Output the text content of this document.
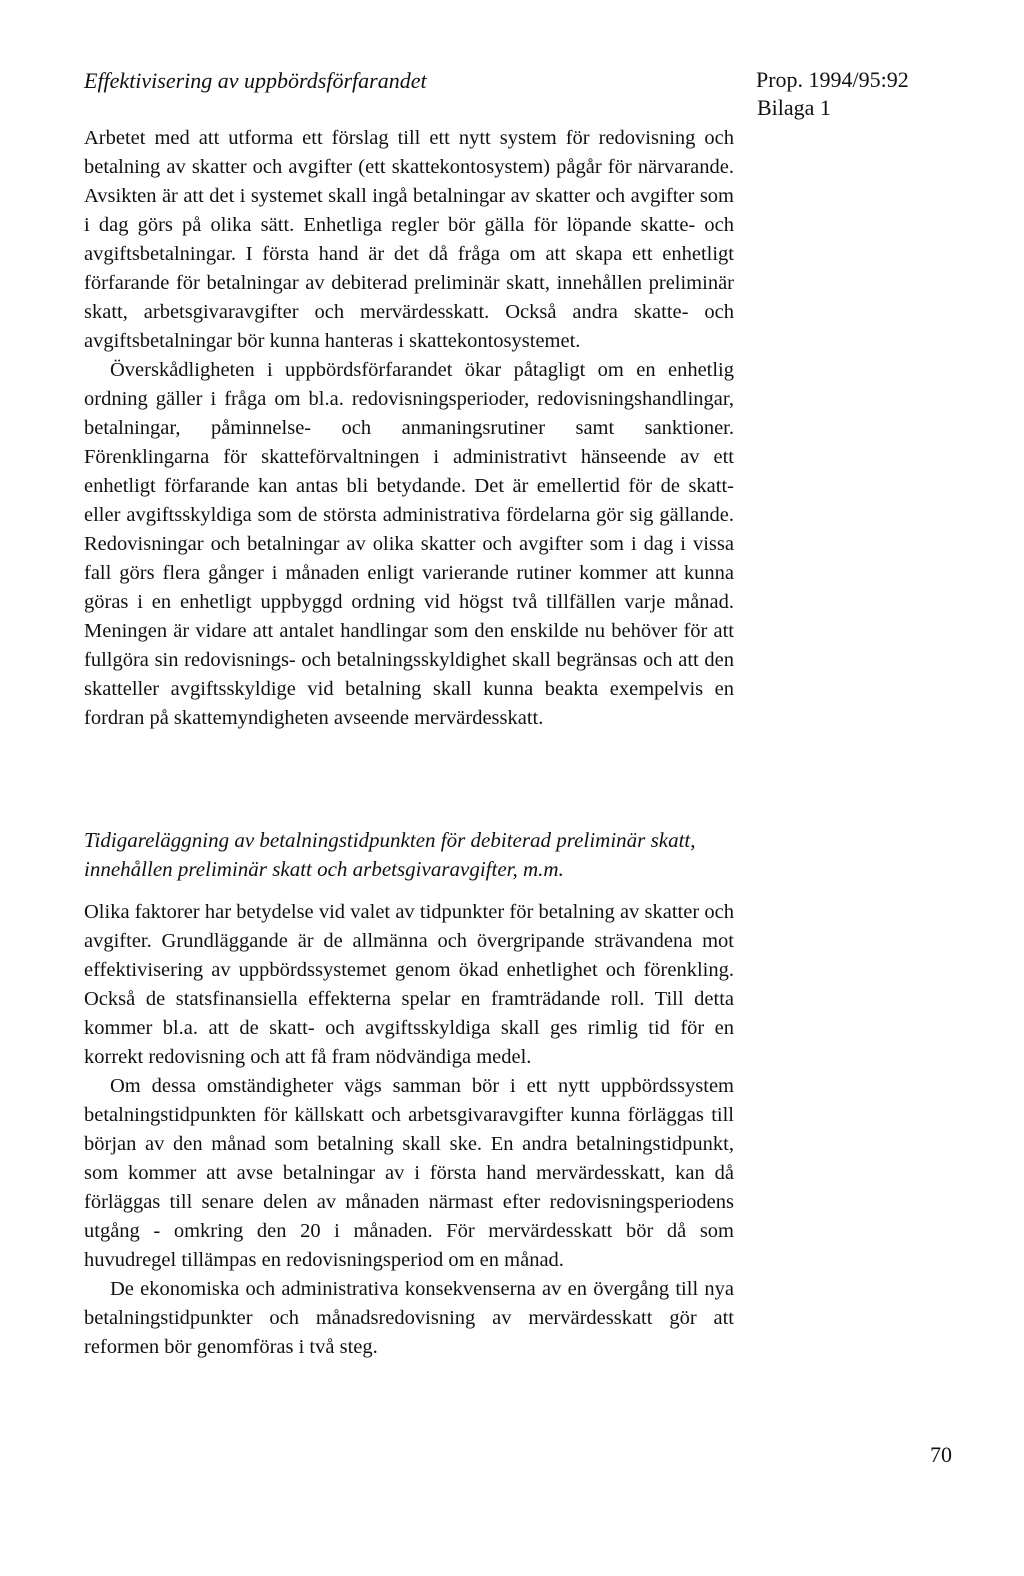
Effektivisering av uppbördsförfarandet	Prop. 1994/95:92
Bilaga 1

Arbetet med att utforma ett förslag till ett nytt system för redovisning och betalning av skatter och avgifter (ett skattekontosystem) pågår för närvarande. Avsikten är att det i systemet skall ingå betalningar av skatter och avgifter som i dag görs på olika sätt. Enhetliga regler bör gälla för löpande skatte- och avgiftsbetalningar. I första hand är det då fråga om att skapa ett enhetligt förfarande för betalningar av debiterad preliminär skatt, innehållen preliminär skatt, arbetsgivaravgifter och mervärdesskatt. Också andra skatte- och avgiftsbetalningar bör kunna hanteras i skattekontosystemet.

Överskådligheten i uppbördsförfarandet ökar påtagligt om en enhetlig ordning gäller i fråga om bl.a. redovisningsperioder, redovisningshandlingar, betalningar, påminnelse- och anmaningsrutiner samt sanktioner. Förenklingarna för skatteförvaltningen i administrativt hänseende av ett enhetligt förfarande kan antas bli betydande. Det är emellertid för de skatt- eller avgiftsskyldiga som de största administrativa fördelarna gör sig gällande. Redovisningar och betalningar av olika skatter och avgifter som i dag i vissa fall görs flera gånger i månaden enligt varierande rutiner kommer att kunna göras i en enhetligt uppbyggd ordning vid högst två tillfällen varje månad. Meningen är vidare att antalet handlingar som den enskilde nu behöver för att fullgöra sin redovisnings- och betalningsskyldighet skall begränsas och att den skatteller avgiftsskyldige vid betalning skall kunna beakta exempelvis en fordran på skattemyndigheten avseende mervärdesskatt.

Tidigareläggning av betalningstidpunkten för debiterad preliminär skatt, innehållen preliminär skatt och arbetsgivaravgifter, m.m.

Olika faktorer har betydelse vid valet av tidpunkter för betalning av skatter och avgifter. Grundläggande är de allmänna och övergripande strävandena mot effektivisering av uppbördssystemet genom ökad enhetlighet och förenkling. Också de statsfinansiella effekterna spelar en framträdande roll. Till detta kommer bl.a. att de skatt- och avgiftsskyldiga skall ges rimlig tid för en korrekt redovisning och att få fram nödvändiga medel.

Om dessa omständigheter vägs samman bör i ett nytt uppbördssystem betalningstidpunkten för källskatt och arbetsgivaravgifter kunna förläggas till början av den månad som betalning skall ske. En andra betalningstidpunkt, som kommer att avse betalningar av i första hand mervärdesskatt, kan då förläggas till senare delen av månaden närmast efter redovisningsperiodens utgång - omkring den 20 i månaden. För mervärdesskatt bör då som huvudregel tillämpas en redovisningsperiod om en månad.

De ekonomiska och administrativa konsekvenserna av en övergång till nya betalningstidpunkter och månadsredovisning av mervärdesskatt gör att reformen bör genomföras i två steg.

70
